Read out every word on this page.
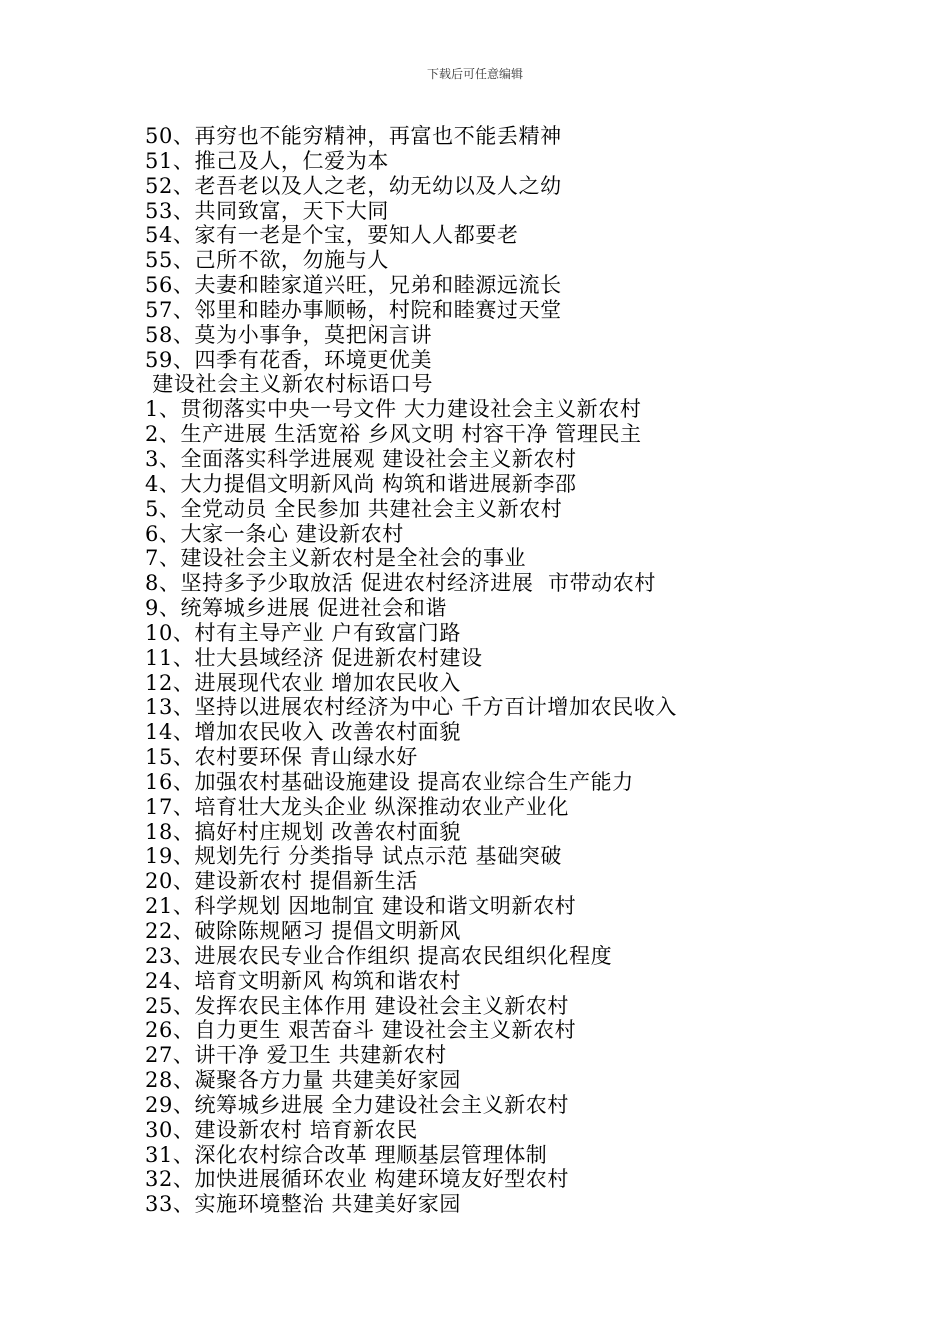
下载后可任意编辑
50、再穷也不能穷精神，再富也不能丢精神
51、推己及人，仁爱为本
52、老吾老以及人之老，幼无幼以及人之幼
53、共同致富，天下大同
54、家有一老是个宝，要知人人都要老
55、己所不欲，勿施与人
56、夫妻和睦家道兴旺，兄弟和睦源远流长
57、邻里和睦办事顺畅，村院和睦赛过天堂
58、莫为小事争，莫把闲言讲
59、四季有花香，环境更优美
建设社会主义新农村标语口号
1、贯彻落实中央一号文件 大力建设社会主义新农村
2、生产进展 生活宽裕 乡风文明 村容干净 管理民主
3、全面落实科学进展观 建设社会主义新农村
4、大力提倡文明新风尚 构筑和谐进展新李邵
5、全党动员 全民参加 共建社会主义新农村
6、大家一条心 建设新农村
7、建设社会主义新农村是全社会的事业
8、坚持多予少取放活 促进农村经济进展  市带动农村
9、统筹城乡进展 促进社会和谐
10、村有主导产业 户有致富门路
11、壮大县域经济 促进新农村建设
12、进展现代农业 增加农民收入
13、坚持以进展农村经济为中心 千方百计增加农民收入
14、增加农民收入 改善农村面貌
15、农村要环保 青山绿水好
16、加强农村基础设施建设 提高农业综合生产能力
17、培育壮大龙头企业 纵深推动农业产业化
18、搞好村庄规划 改善农村面貌
19、规划先行 分类指导 试点示范 基础突破
20、建设新农村 提倡新生活
21、科学规划 因地制宜 建设和谐文明新农村
22、破除陈规陋习 提倡文明新风
23、进展农民专业合作组织 提高农民组织化程度
24、培育文明新风 构筑和谐农村
25、发挥农民主体作用 建设社会主义新农村
26、自力更生 艰苦奋斗 建设社会主义新农村
27、讲干净 爱卫生 共建新农村
28、凝聚各方力量 共建美好家园
29、统筹城乡进展 全力建设社会主义新农村
30、建设新农村 培育新农民
31、深化农村综合改革 理顺基层管理体制
32、加快进展循环农业 构建环境友好型农村
33、实施环境整治 共建美好家园
